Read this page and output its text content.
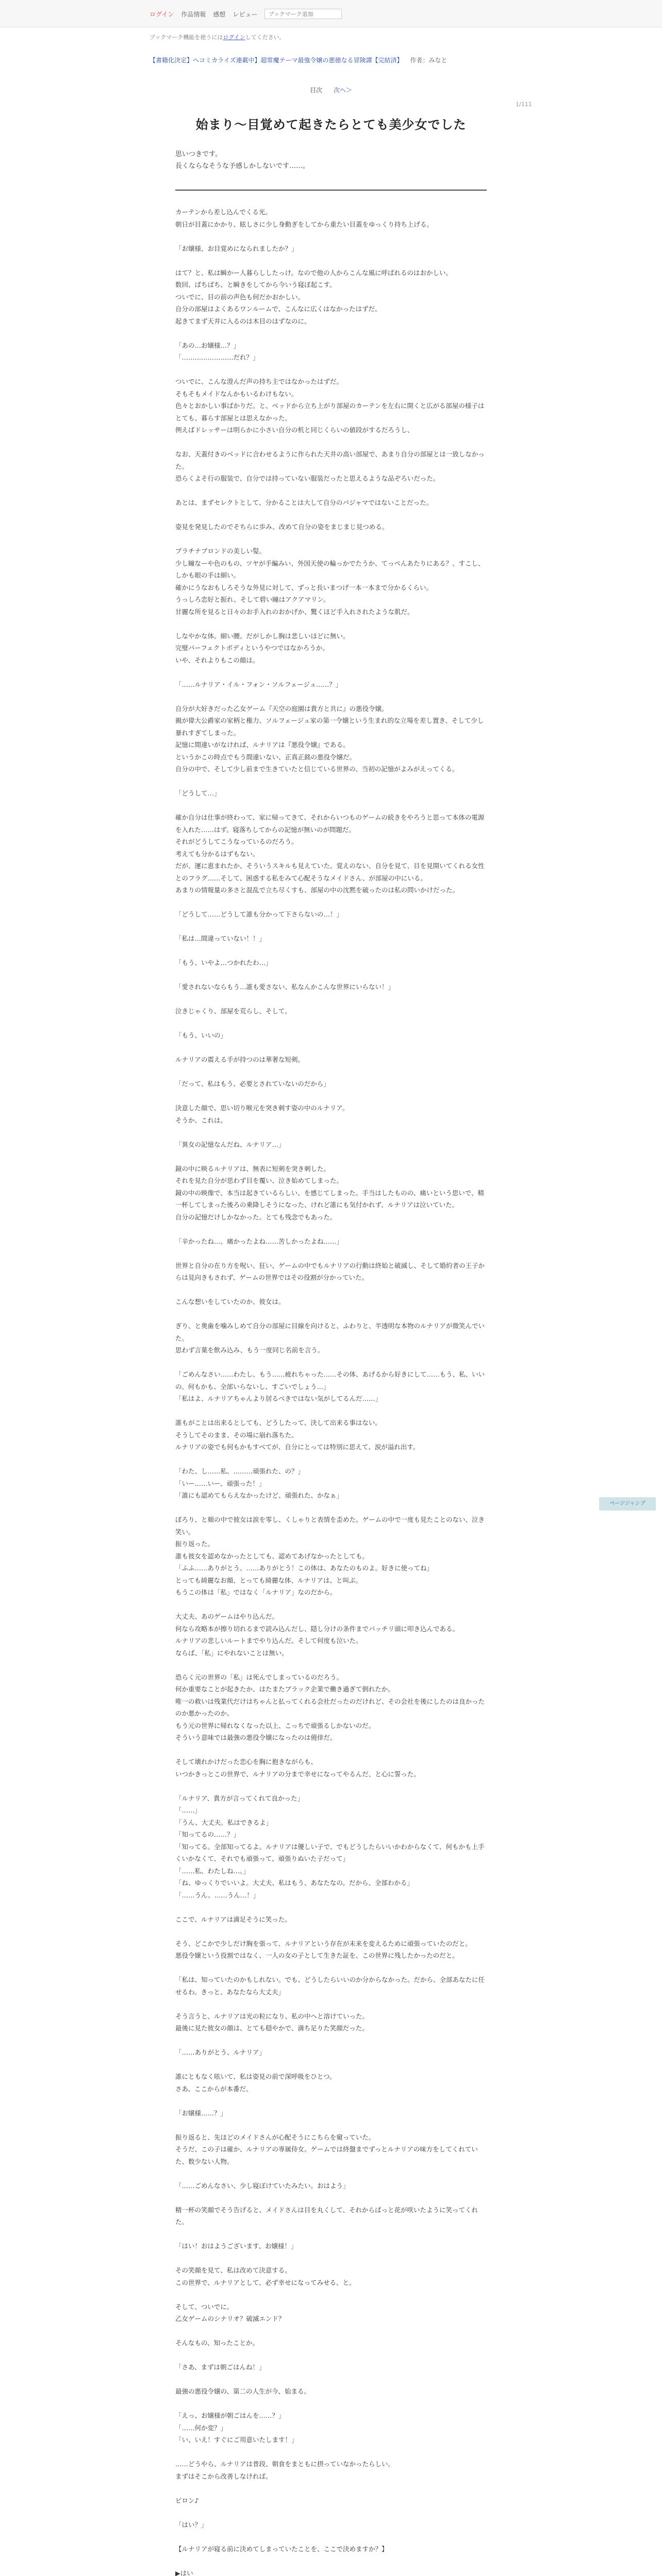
ログイン 作品情報 感想 レビュー
ブックマーク追加
ブックマーク機能を使うにはログインしてください。
【書籍化決定】ヘコミカライズ連載中】超常魔テーマ最強令嬢の悪徳なる冒険譚【完結済】 作者：みなと
目次 次へ＞
1/111
始まり〜目覚めて起きたらとても美少女でした
思いつきです。
長くならなそうな予感しかしないです……。

カーテンから差し込んでくる光。
朝日が目蓋にかかり、眩しさに少し身動ぎをしてから重たい目蓋をゆっくり持ち上げる。

「お嬢様、お目覚めになられましたか？」

はて？と、私は瞬かー人暮らししたっけ。なので他の人からこんな風に呼ばれるのはおかしい。
数回、ぱちぱち、と瞬きをしてから今いう寝ぼ起こす。
ついでに、目の前の声色も何だかおかしい。
自分の部屋はよくあるワンルームで、こんなに広くはなかったはずだ。
起きてまず天井に入るのは木目のはずなのに。

「あの…お嬢様…？」
「……………………だれ？」

ついでに、こんな澄んだ声の持ち主ではなかったはずだ。
そもそもメイドなんかもいるわけもない。
色々とおかしい事ばかりだ。と、ベッドから立ち上がり部屋のカーテンを左右に開くと広がる部屋の様子はとても、暮らす部屋とは思えなかった。
例えばドレッサーは明らかに小さい自分の机と同じくらいの値段がするだろうし、

なお、天蓋付きのベッドに合わせるように作られた天井の高い部屋で、あまり自分の部屋とは一致しなかった。
恐らくよそ行の服装で、自分では持っていない服装だったと思えるような品ぞろいだった。

あとは、まずセレクトとして、分かることは大して自分のパジャマではないことだった。

姿見を発見したのでそちらに歩み、改めて自分の姿をまじまじ見つめる。

プラチナブロンドの美しい髪。
少し瞳なーや色のもの、ツヤが手編みい、外国天使の輪っかでたうか、てっぺんあたりにある？、すこし、しかも眼の手は細い。
確かにうなおもしろそうな外見に対して、ずっと長いまつげ一本一本まで分かるくらい。
うっしろ恋好と振れ、そして碧い瞳はアクアマリン。
甘麗な所を見ると日々のお手入れのおかげか、驚くほど手入れされたような肌だ。

しなやかな体。細い腰。だがしかし胸は悲しいほどに無い。
完璧パーフェクトボディというやつではなかろうか。
いや、それよりもこの顔は。

「……ルナリア・イル・フォン・ソルフェージュ……？」

自分が大好きだった乙女ゲーム『天空の庭園は貴方と共に』の悪役令嬢。
親が偉大公爵家の家柄と権力、ソルフェージュ家の第一令嬢という生まれ的な立場を差し置き、そして少し暴れすぎてしまった。
記憶に間違いがなければ、ルナリアは『悪役令嬢』である。
というかこの時点でもう間違いない、正真正銘の悪役令嬢だ。
自分の中で、そして少し前まで生きていたと信じている世界の、当初の記憶がよみがえってくる。

「どうして…」

確か自分は仕事が終わって、家に帰ってきて、それからいつものゲームの続きをやろうと思って本体の電源を入れた……はず。寝落ちしてからの記憶が無いのが問題だ。
それがどうしてこうなっているのだろう。
考えても分かるはずもない。
だが、運に恵まれたか、そういうスキルも見えていた。覚えのない、自分を見て、目を見開いてくれる女性とのフラグ……そして、困惑する私をみて心配そうなメイドさん、が部屋の中にいる。
あまりの情報量の多さと混乱で立ち尽くすも、部屋の中の沈黙を破ったのは私の問いかけだった。

「どうして……どうして誰も分かって下さらないの…！」

「私は…間違っていない！！」

「もう、いやよ…つかれたわ…」

「愛されないならもう…誰も愛さない、私なんかこんな世界にいらない！」

泣きじゃくり、部屋を荒らし、そして。

「もう、いいの」

ルナリアの震える手が持つのは華奢な短剣。

「だって、私はもう、必要とされていないのだから」

決意した顔で、思い切り喉元を突き刺す姿の中のルナリア。
そうか、これは。

「異女の記憶なんだね、ルナリア…」

鏡の中に映るルナリアは、無表に短剣を突き刺した。
それを見た自分が思わず目を覆い、泣き始めてしまった。
鏡の中の映像で、本当は起きているらしい、を感じてしまった。手当はしたものの、痛いという思いで、精一杯してしまった後ろの乗降しそうになった、けれど誰にも気付かれず、ルナリアは泣いていた。
自分の記憶だけしかなかった。とても残念でもあった。

「辛かったね…。痛かったよね……苦しかったよね……」

世界と自分の在り方を呪い、狂い、ゲームの中でもルナリアの行動は終始と破滅し、そして婚約者の王子からは見向きもされず、ゲームの世界ではその役割が分かっていた。

こんな想いをしていたのか、彼女は。

ぎり、と奥歯を噛みしめて自分の部屋に目線を向けると、ふわりと、半透明な本物のルナリアが微笑んでいた。
思わず言葉を飲み込み、もう一度同じ名前を言う。

「ごめんなさい……わたし、もう……疲れちゃった……その体、あげるから好きにして……もう、私、いいの。何もかも、全部いらないし、すごいでしょう…」
「私はよ、ルナリアちゃんより居るべきではない気がしてるんだ……」

誰もがことは出来るとしても、どうしたって、決して出来る事はない。
そうしてそのまま、その場に崩れ落ちた。
ルナリアの姿でも何もかもすべてが、自分にとっては特別に思えて、涙が溢れ出す。

「わた、し……私、………頑張れた、の？」
「いー……いー、頑張った！」
「誰にも認めてもらえなかったけど、頑張れた、かなぁ」

ぽろり、と頬の中で彼女は涙を零し、くしゃりと表情を歪めた。ゲームの中で一度も見たことのない、泣き笑い。
振り返った。
誰も彼女を認めなかったとしても、認めてあげなかったとしても。
「ふふ……ありがとう。……ありがとう！この体は、あなたのものよ。好きに使ってね」
とっても綺麗なお顔、とっても綺麗な体、ルナリアは、と叫ぶ。
もうこの体は「私」ではなく「ルナリア」なのだから。

大丈夫、あのゲームはやり込んだ。
何なら攻略本が擦り切れるまで読み込んだし、隠し分けの条件までバッチリ頭に叩き込んである。
ルナリアの悲しいルートまでやり込んだ。そして何度も泣いた。
ならば、「私」にやれないことは無い。

恐らく元の世界の「私」は死んでしまっているのだろう。
何か重要なことが起きたか、はたまたブラック企業で働き過ぎて倒れたか。
唯一の救いは残業代だけはちゃんと払ってくれる会社だったのだけれど、その会社を後にしたのは良かったのか悪かったのか。
もう元の世界に帰れなくなった以上、こっちで頑張るしかないのだ。
そういう意味では最強の悪役令嬢になったのは僥倖だ。

そして壊れかけだった恋心を胸に抱きながらも、
いつかきっとこの世界で、ルナリアの分まで幸せになってやるんだ、と心に誓った。

「ルナリア、貴方が言ってくれて良かった」
「……」
「うん、大丈夫。私はできるよ」
「知ってるの……？」
「知ってる。全部知ってるよ。ルナリアは優しい子で、でもどうしたらいいかわからなくて、何もかも上手くいかなくて、それでも頑張って、頑張りぬいた子だって」
「……私、わたしね…。」
「ね、ゆっくりでいいよ。大丈夫、私はもう、あなたなの。だから、全部わかる」
「……うん。……うん…！」

ここで、ルナリアは満足そうに笑った。

そう、どこかで少しだけ胸を張って、ルナリアという存在が未来を変えるために頑張っていたのだと。
悪役令嬢という役割ではなく、一人の女の子として生きた証を、この世界に残したかったのだと。

「私は、知っていたのかもしれない。でも、どうしたらいいのか分からなかった。だから、全部あなたに任せるわ。きっと、あなたなら大丈夫」

そう言うと、ルナリアは光の粒になり、私の中へと溶けていった。
最後に見た彼女の顔は、とても穏やかで、満ち足りた笑顔だった。

「……ありがとう、ルナリア」

誰にともなく呟いて、私は姿見の前で深呼吸をひとつ。
さあ、ここからが本番だ。

「お嬢様……？」

振り返ると、先ほどのメイドさんが心配そうにこちらを窺っていた。
そうだ、この子は確か、ルナリアの専属侍女。ゲームでは終盤までずっとルナリアの味方をしてくれていた、数少ない人物。

「……ごめんなさい、少し寝ぼけていたみたい。おはよう」

精一杯の笑顔でそう告げると、メイドさんは目を丸くして、それからぱっと花が咲いたように笑ってくれた。

「はい！おはようございます、お嬢様！」

その笑顔を見て、私は改めて決意する。
この世界で、ルナリアとして、必ず幸せになってみせる、と。

そして、ついでに。
乙女ゲームのシナリオ？破滅エンド？

そんなもの、知ったことか。

「さあ、まずは朝ごはんね！」

最強の悪役令嬢の、第二の人生が今、始まる。

「えっ、お嬢様が朝ごはんを……？」
「……何か変？」
「い、いえ！すぐにご用意いたします！」

……どうやら、ルナリアは普段、朝食をまともに摂っていなかったらしい。
まずはそこから改善しなければ。

ピロン♪

「はい？」

【ルナリアが寝る前に決めてしまっていたことを、ここで決めますか？】

▶はい

ページジャンプ
